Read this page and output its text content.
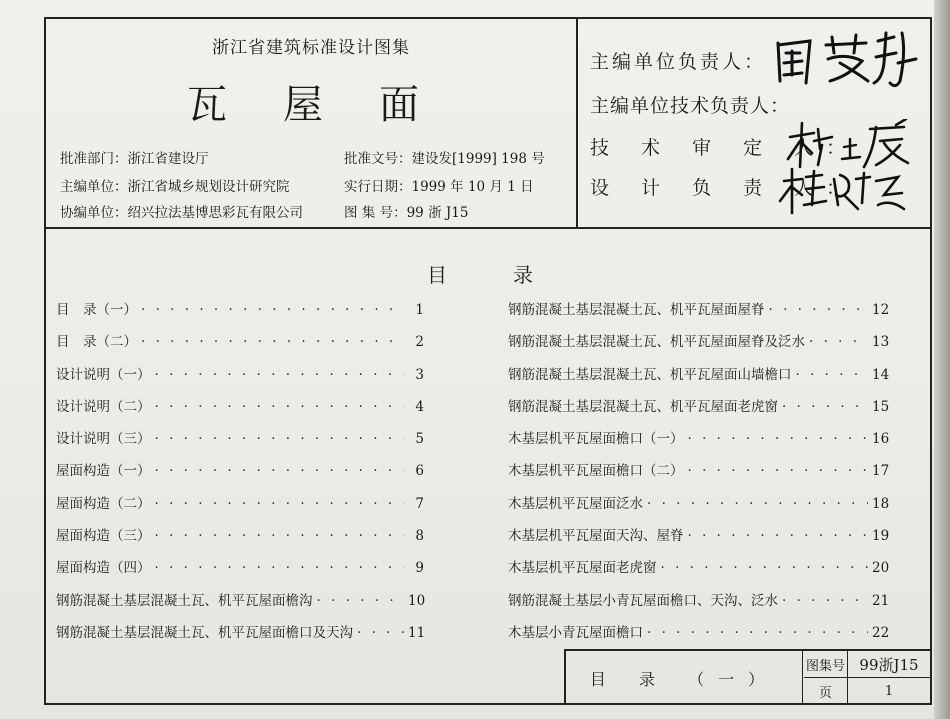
浙江省建筑标准设计图集
瓦屋面
批准部门：浙江省建设厅	批准文号：建设发[1999] 198 号
主编单位：浙江省城乡规划设计研究院	实行日期：1999 年 10 月 1 日
协编单位：绍兴拉法基博思彩瓦有限公司	图 集 号：99 浙 J15
主编单位负责人：
主编单位技术负责人：
技 术 审 定 人：
设 计 负 责 人：
目录
目　录（一） · · ·	1
目　录（二） · · ·	2
设计说明（一） · · ·	3
设计说明（二） · · ·	4
设计说明（三） · · ·	5
屋面构造（一） · · ·	6
屋面构造（二） · · ·	7
屋面构造（三） · · ·	8
屋面构造（四） · · ·	9
钢筋混凝土基层混凝土瓦、机平瓦屋面檐沟 · · ·	10
钢筋混凝土基层混凝土瓦、机平瓦屋面檐口及天沟 · · ·	11
钢筋混凝土基层混凝土瓦、机平瓦屋面屋脊 · · ·	12
钢筋混凝土基层混凝土瓦、机平瓦屋面屋脊及泛水 · · ·	13
钢筋混凝土基层混凝土瓦、机平瓦屋面山墙檐口 · · ·	14
钢筋混凝土基层混凝土瓦、机平瓦屋面老虎窗 · · ·	15
木基层机平瓦屋面檐口（一） · · ·	16
木基层机平瓦屋面檐口（二） · · ·	17
木基层机平瓦屋面泛水 · · ·	18
木基层机平瓦屋面天沟、屋脊 · · ·	19
木基层机平瓦屋面老虎窗 · · ·	20
钢筋混凝土基层小青瓦屋面檐口、天沟、泛水 · · ·	21
木基层小青瓦屋面檐口 · · ·	22
目 录 （一）
图集号 99浙J15
页	1
